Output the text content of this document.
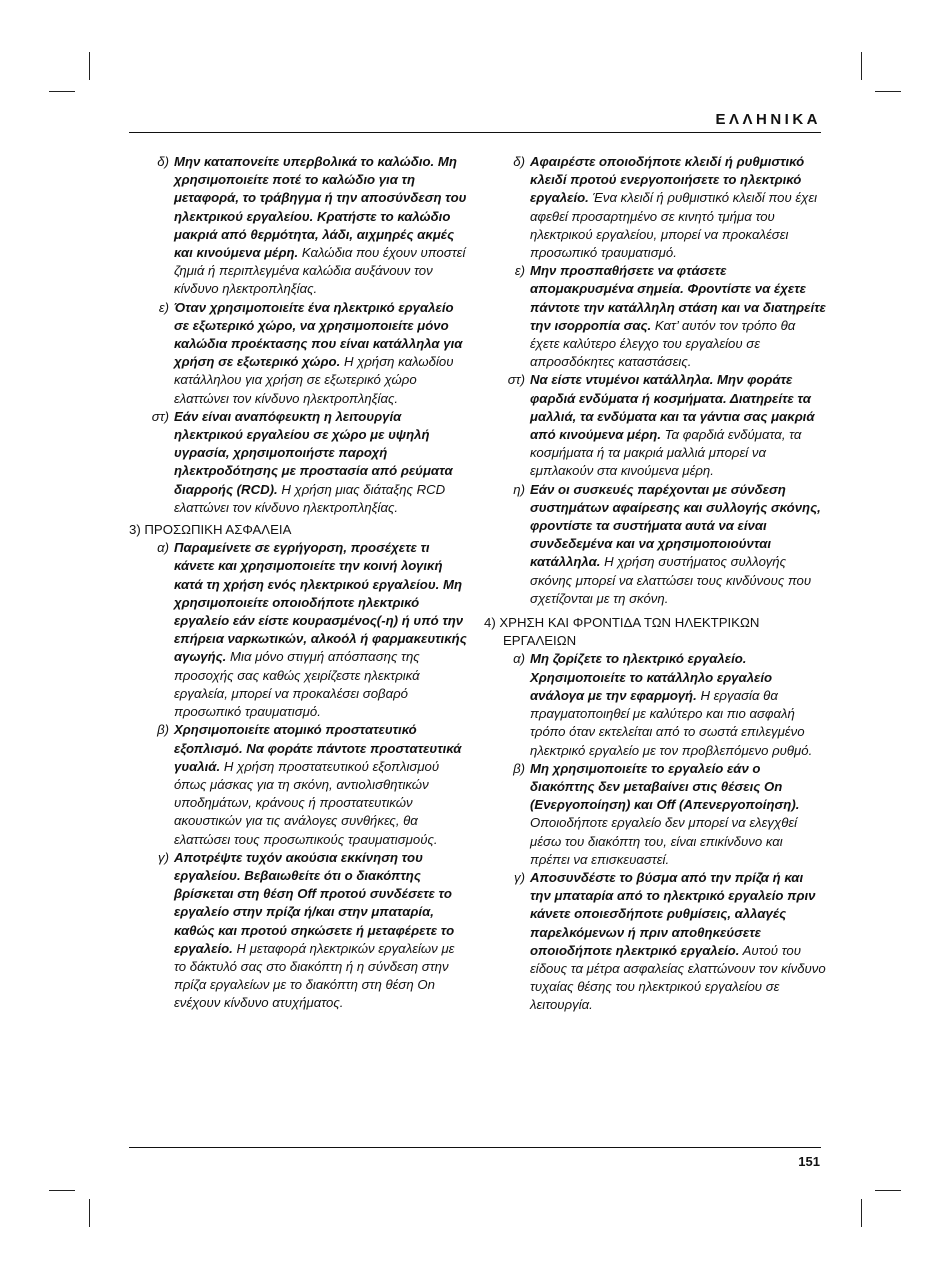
ΕΛΛΗΝΙΚΑ
δ) Μην καταπονείτε υπερβολικά το καλώδιο. Μη χρησιμοποιείτε ποτέ το καλώδιο για τη μεταφορά, το τράβηγμα ή την αποσύνδεση του ηλεκτρικού εργαλείου. Κρατήστε το καλώδιο μακριά από θερμότητα, λάδι, αιχμηρές ακμές και κινούμενα μέρη. Καλώδια που έχουν υποστεί ζημιά ή περιπλεγμένα καλώδια αυξάνουν τον κίνδυνο ηλεκτροπληξίας.
ε) Όταν χρησιμοποιείτε ένα ηλεκτρικό εργαλείο σε εξωτερικό χώρο, να χρησιμοποιείτε μόνο καλώδια προέκτασης που είναι κατάλληλα για χρήση σε εξωτερικό χώρο. Η χρήση καλωδίου κατάλληλου για χρήση σε εξωτερικό χώρο ελαττώνει τον κίνδυνο ηλεκτροπληξίας.
στ) Εάν είναι αναπόφευκτη η λειτουργία ηλεκτρικού εργαλείου σε χώρο με υψηλή υγρασία, χρησιμοποιήστε παροχή ηλεκτροδότησης με προστασία από ρεύματα διαρροής (RCD). Η χρήση μιας διάταξης RCD ελαττώνει τον κίνδυνο ηλεκτροπληξίας.
3) ΠΡΟΣΩΠΙΚΗ ΑΣΦΑΛΕΙΑ
α) Παραμείνετε σε εγρήγορση, προσέχετε τι κάνετε και χρησιμοποιείτε την κοινή λογική κατά τη χρήση ενός ηλεκτρικού εργαλείου. Μη χρησιμοποιείτε οποιοδήποτε ηλεκτρικό εργαλείο εάν είστε κουρασμένος(-η) ή υπό την επήρεια ναρκωτικών, αλκοόλ ή φαρμακευτικής αγωγής. Μια μόνο στιγμή απόσπασης της προσοχής σας καθώς χειρίζεστε ηλεκτρικά εργαλεία, μπορεί να προκαλέσει σοβαρό προσωπικό τραυματισμό.
β) Χρησιμοποιείτε ατομικό προστατευτικό εξοπλισμό. Να φοράτε πάντοτε προστατευτικά γυαλιά. Η χρήση προστατευτικού εξοπλισμού όπως μάσκας για τη σκόνη, αντιολισθητικών υποδημάτων, κράνους ή προστατευτικών ακουστικών για τις ανάλογες συνθήκες, θα ελαττώσει τους προσωπικούς τραυματισμούς.
γ) Αποτρέψτε τυχόν ακούσια εκκίνηση του εργαλείου. Βεβαιωθείτε ότι ο διακόπτης βρίσκεται στη θέση Off προτού συνδέσετε το εργαλείο στην πρίζα ή/και στην μπαταρία, καθώς και προτού σηκώσετε ή μεταφέρετε το εργαλείο. Η μεταφορά ηλεκτρικών εργαλείων με το δάκτυλό σας στο διακόπτη ή η σύνδεση στην πρίζα εργαλείων με το διακόπτη στη θέση On ενέχουν κίνδυνο ατυχήματος.
δ) Αφαιρέστε οποιοδήποτε κλειδί ή ρυθμιστικό κλειδί προτού ενεργοποιήσετε το ηλεκτρικό εργαλείο. Ένα κλειδί ή ρυθμιστικό κλειδί που έχει αφεθεί προσαρτημένο σε κινητό τμήμα του ηλεκτρικού εργαλείου, μπορεί να προκαλέσει προσωπικό τραυματισμό.
ε) Μην προσπαθήσετε να φτάσετε απομακρυσμένα σημεία. Φροντίστε να έχετε πάντοτε την κατάλληλη στάση και να διατηρείτε την ισορροπία σας. Κατ’ αυτόν τον τρόπο θα έχετε καλύτερο έλεγχο του εργαλείου σε απροσδόκητες καταστάσεις.
στ) Να είστε ντυμένοι κατάλληλα. Μην φοράτε φαρδιά ενδύματα ή κοσμήματα. Διατηρείτε τα μαλλιά, τα ενδύματα και τα γάντια σας μακριά από κινούμενα μέρη. Τα φαρδιά ενδύματα, τα κοσμήματα ή τα μακριά μαλλιά μπορεί να εμπλακούν στα κινούμενα μέρη.
η) Εάν οι συσκευές παρέχονται με σύνδεση συστημάτων αφαίρεσης και συλλογής σκόνης, φροντίστε τα συστήματα αυτά να είναι συνδεδεμένα και να χρησιμοποιούνται κατάλληλα. Η χρήση συστήματος συλλογής σκόνης μπορεί να ελαττώσει τους κινδύνους που σχετίζονται με τη σκόνη.
4) ΧΡΗΣΗ ΚΑΙ ΦΡΟΝΤΙΔΑ ΤΩΝ ΗΛΕΚΤΡΙΚΩΝ
ΕΡΓΑΛΕΙΩΝ
α) Μη ζορίζετε το ηλεκτρικό εργαλείο. Χρησιμοποιείτε το κατάλληλο εργαλείο ανάλογα με την εφαρμογή. Η εργασία θα πραγματοποιηθεί με καλύτερο και πιο ασφαλή τρόπο όταν εκτελείται από το σωστά επιλεγμένο ηλεκτρικό εργαλείο με τον προβλεπόμενο ρυθμό.
β) Μη χρησιμοποιείτε το εργαλείο εάν ο διακόπτης δεν μεταβαίνει στις θέσεις On (Ενεργοποίηση) και Off (Απενεργοποίηση). Οποιοδήποτε εργαλείο δεν μπορεί να ελεγχθεί μέσω του διακόπτη του, είναι επικίνδυνο και πρέπει να επισκευαστεί.
γ) Αποσυνδέστε το βύσμα από την πρίζα ή και την μπαταρία από το ηλεκτρικό εργαλείο πριν κάνετε οποιεσδήποτε ρυθμίσεις, αλλαγές παρελκόμενων ή πριν αποθηκεύσετε οποιοδήποτε ηλεκτρικό εργαλείο. Αυτού του είδους τα μέτρα ασφαλείας ελαττώνουν τον κίνδυνο τυχαίας θέσης του ηλεκτρικού εργαλείου σε λειτουργία.
151
